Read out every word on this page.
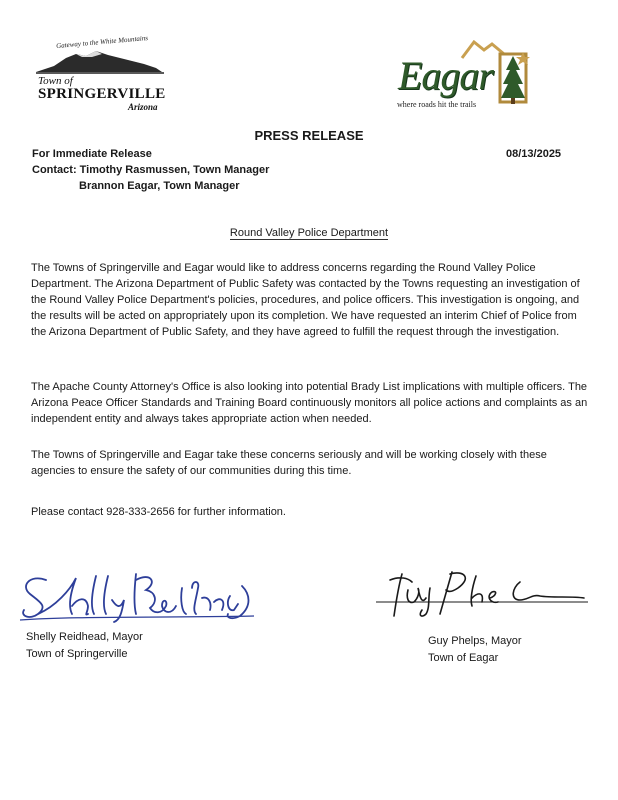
Gateway to the White Mountains
Town of
SPRINGERVILLE
Arizona
Eagar
where roads hit the trails
PRESS RELEASE
For Immediate Release
Contact: Timothy Rasmussen, Town Manager
Brannon Eagar, Town Manager
08/13/2025
Round Valley Police Department
The Towns of Springerville and Eagar would like to address concerns regarding the Round Valley Police Department. The Arizona Department of Public Safety was contacted by the Towns requesting an investigation of the Round Valley Police Department's policies, procedures, and police officers. This investigation is ongoing, and the results will be acted on appropriately upon its completion. We have requested an interim Chief of Police from the Arizona Department of Public Safety, and they have agreed to fulfill the request through the investigation.
The Apache County Attorney's Office is also looking into potential Brady List implications with multiple officers. The Arizona Peace Officer Standards and Training Board continuously monitors all police actions and complaints as an independent entity and always takes appropriate action when needed.
The Towns of Springerville and Eagar take these concerns seriously and will be working closely with these agencies to ensure the safety of our communities during this time.
Please contact 928-333-2656 for further information.
Shelly Reidhead, Mayor
Town of Springerville
Guy Phelps, Mayor
Town of Eagar
